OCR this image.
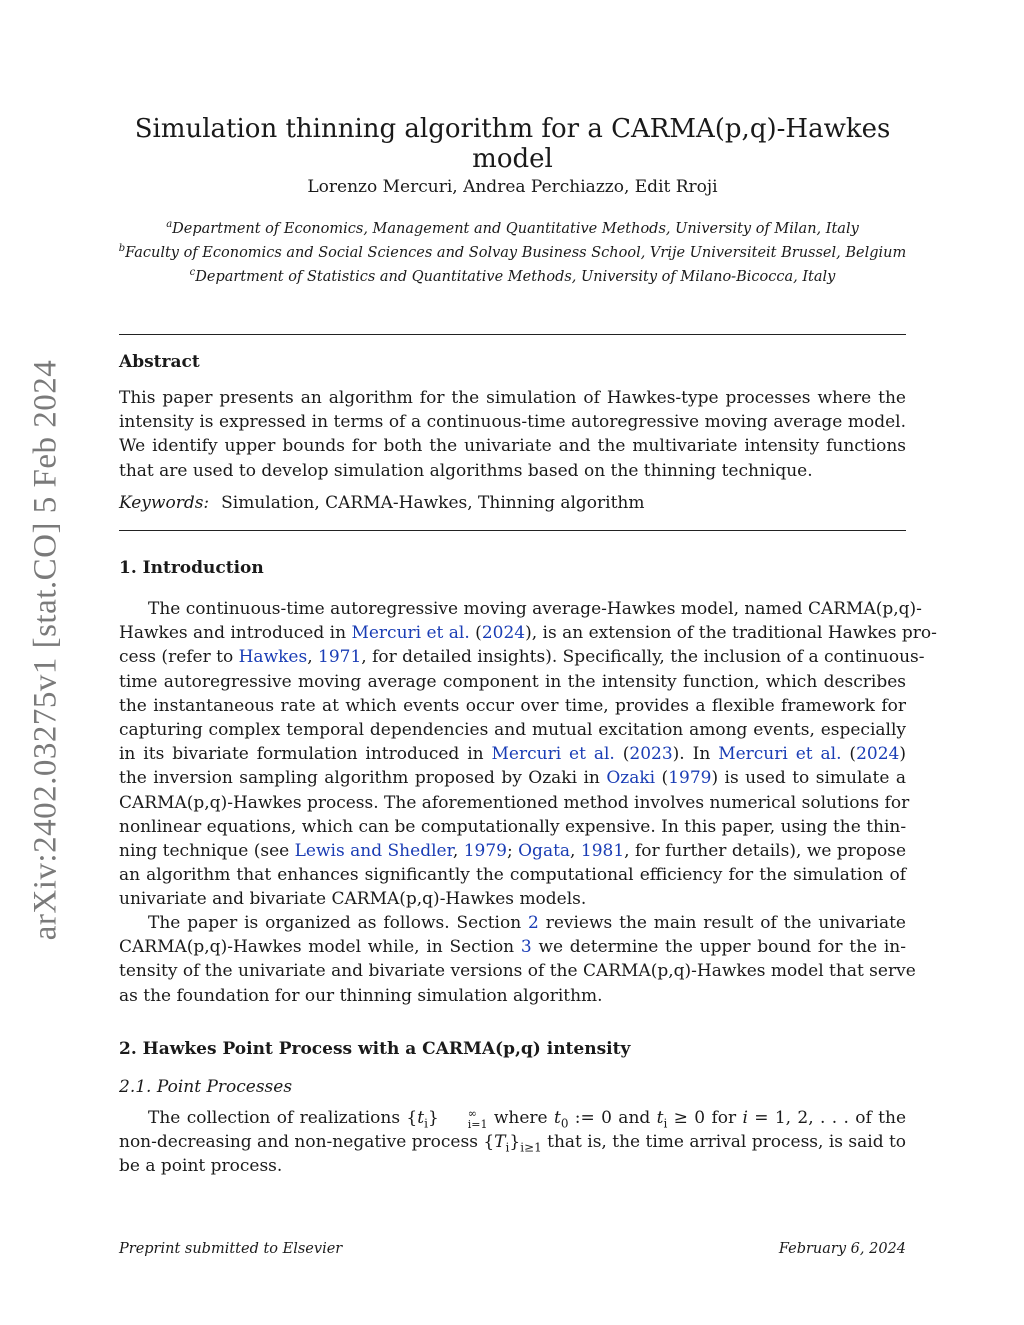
arXiv:2402.03275v1 [stat.CO] 5 Feb 2024
Simulation thinning algorithm for a CARMA(p,q)-Hawkes model
Lorenzo Mercuri, Andrea Perchiazzo, Edit Rroji
$^a$Department of Economics, Management and Quantitative Methods, University of Milan, Italy
$^b$Faculty of Economics and Social Sciences and Solvay Business School, Vrije Universiteit Brussel, Belgium
$^c$Department of Statistics and Quantitative Methods, University of Milano-Bicocca, Italy
Abstract
This paper presents an algorithm for the simulation of Hawkes-type processes where the
intensity is expressed in terms of a continuous-time autoregressive moving average model.
We identify upper bounds for both the univariate and the multivariate intensity functions
that are used to develop simulation algorithms based on the thinning technique.
Keywords: Simulation, CARMA-Hawkes, Thinning algorithm
1. Introduction
The continuous-time autoregressive moving average-Hawkes model, named CARMA(p,q)-
Hawkes and introduced in Mercuri et al. (2024), is an extension of the traditional Hawkes pro-
cess (refer to Hawkes, 1971, for detailed insights). Specifically, the inclusion of a continuous-
time autoregressive moving average component in the intensity function, which describes
the instantaneous rate at which events occur over time, provides a flexible framework for
capturing complex temporal dependencies and mutual excitation among events, especially
in its bivariate formulation introduced in Mercuri et al. (2023). In Mercuri et al. (2024)
the inversion sampling algorithm proposed by Ozaki in Ozaki (1979) is used to simulate a
CARMA(p,q)-Hawkes process. The aforementioned method involves numerical solutions for
nonlinear equations, which can be computationally expensive. In this paper, using the thin-
ning technique (see Lewis and Shedler, 1979; Ogata, 1981, for further details), we propose
an algorithm that enhances significantly the computational efficiency for the simulation of
univariate and bivariate CARMA(p,q)-Hawkes models.
The paper is organized as follows. Section 2 reviews the main result of the univariate
CARMA(p,q)-Hawkes model while, in Section 3 we determine the upper bound for the in-
tensity of the univariate and bivariate versions of the CARMA(p,q)-Hawkes model that serve
as the foundation for our thinning simulation algorithm.
2. Hawkes Point Process with a CARMA(p,q) intensity
2.1. Point Processes
The collection of realizations $\{t_i\}$	∞
i=1 where $t_0$ := 0 and $t_i \ge 0$ for i = 1, 2, . . . of the
non-decreasing and non-negative process $\{T_i\}_{i\ge 1}$ that is, the time arrival process, is said to
be a point process.
Preprint submitted to Elsevier	February 6, 2024
